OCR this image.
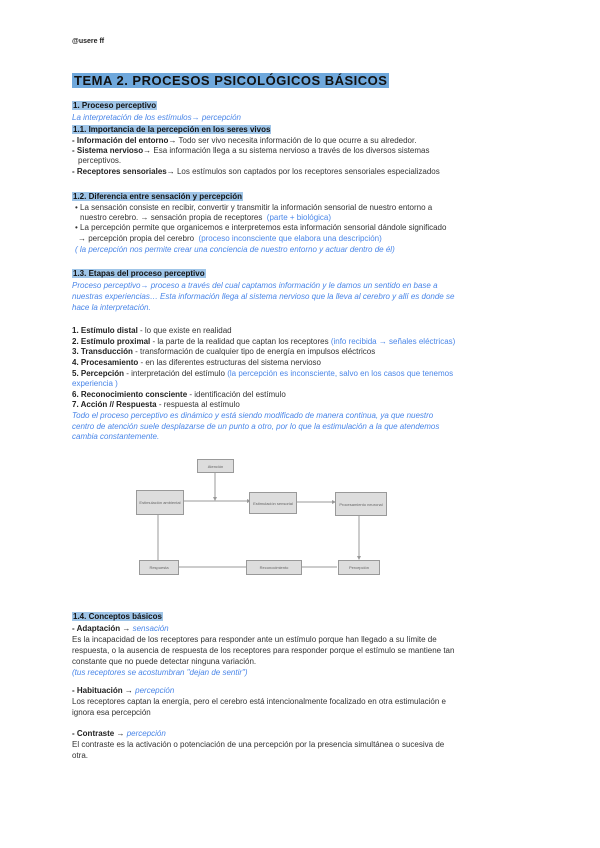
@usere ff
TEMA 2. PROCESOS PSICOLÓGICOS BÁSICOS
1. Proceso perceptivo
La interpretación de los estímulos→ percepción
1.1. Importancia de la percepción en los seres vivos
- Información del entorno→ Todo ser vivo necesita información de lo que ocurre a su alrededor.
- Sistema nervioso→ Esa información llega a su sistema nervioso a través de los diversos sistemas
perceptivos.
- Receptores sensoriales→ Los estímulos son captados por los receptores sensoriales especializados
1.2. Diferencia entre sensación y percepción
• La sensación consiste en recibir, convertir y transmitir la información sensorial de nuestro entorno a
nuestro cerebro. → sensación propia de receptores (parte + biológica)
• La percepción permite que organicemos e interpretemos esta información sensorial dándole significado
→ percepción propia del cerebro (proceso inconsciente que elabora una descripción)
( la percepción nos permite crear una conciencia de nuestro entorno y actuar dentro de él)
1.3. Etapas del proceso perceptivo
Proceso perceptivo→ proceso a través del cual captamos información y le damos un sentido en base a
nuestras experiencias… Esta información llega al sistema nervioso que la lleva al cerebro y allí es donde se
hace la interpretación.
1. Estímulo distal - lo que existe en realidad
2. Estímulo proximal - la parte de la realidad que captan los receptores (info recibida → señales eléctricas)
3. Transducción - transformación de cualquier tipo de energía en impulsos eléctricos
4. Procesamiento - en las diferentes estructuras del sistema nervioso
5. Percepción - interpretación del estímulo (la percepción es inconsciente, salvo en los casos que tenemos
experiencia )
6. Reconocimiento consciente - identificación del estímulo
7. Acción // Respuesta - respuesta al estímulo
Todo el proceso perceptivo es dinámico y está siendo modificado de manera continua, ya que nuestro
centro de atención suele desplazarse de un punto a otro, por lo que la estimulación a la que atendemos
cambia constantemente.
Atención
Estimulación ambiental	Estimulación sensorial	Procesamiento neuronal
Percepción
Reconocimiento
Respuesta
1.4. Conceptos básicos
- Adaptación → sensación
Es la incapacidad de los receptores para responder ante un estímulo porque han llegado a su límite de
respuesta, o la ausencia de respuesta de los receptores para responder porque el estímulo se mantiene tan
constante que no puede detectar ninguna variación.
(tus receptores se acostumbran "dejan de sentir")
- Habituación → percepción
Los receptores captan la energía, pero el cerebro está intencionalmente focalizado en otra estimulación e
ignora esa percepción
- Contraste → percepción
El contraste es la activación o potenciación de una percepción por la presencia simultánea o sucesiva de
otra.
